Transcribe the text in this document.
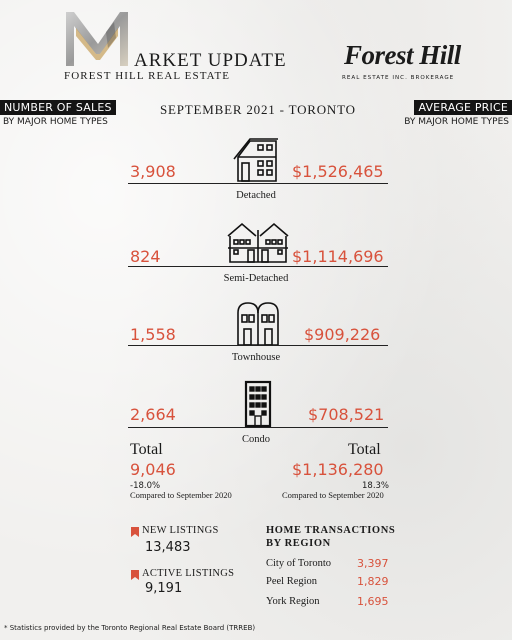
ARKET UPDATE
FOREST HILL REAL ESTATE
Forest Hill
REAL ESTATE INC. BROKERAGE
NUMBER OF SALES
BY MAJOR HOME TYPES
AVERAGE PRICE
BY MAJOR HOME TYPES
SEPTEMBER 2021 - TORONTO
3,908	$1,526,465
Detached
824	$1,114,696
Semi-Detached
1,558	$909,226
Townhouse
2,664	$708,521
Condo
Total
9,046
-18.0%
Compared to September 2020
Total
$1,136,280
18.3%
Compared to September 2020
NEW LISTINGS
13,483
ACTIVE LISTINGS
9,191
HOME TRANSACTIONS
BY REGION
City of Toronto 3,397
Peel Region	1,829
York Region	1,695
* Statistics provided by the Toronto Regional Real Estate Board (TRREB)
